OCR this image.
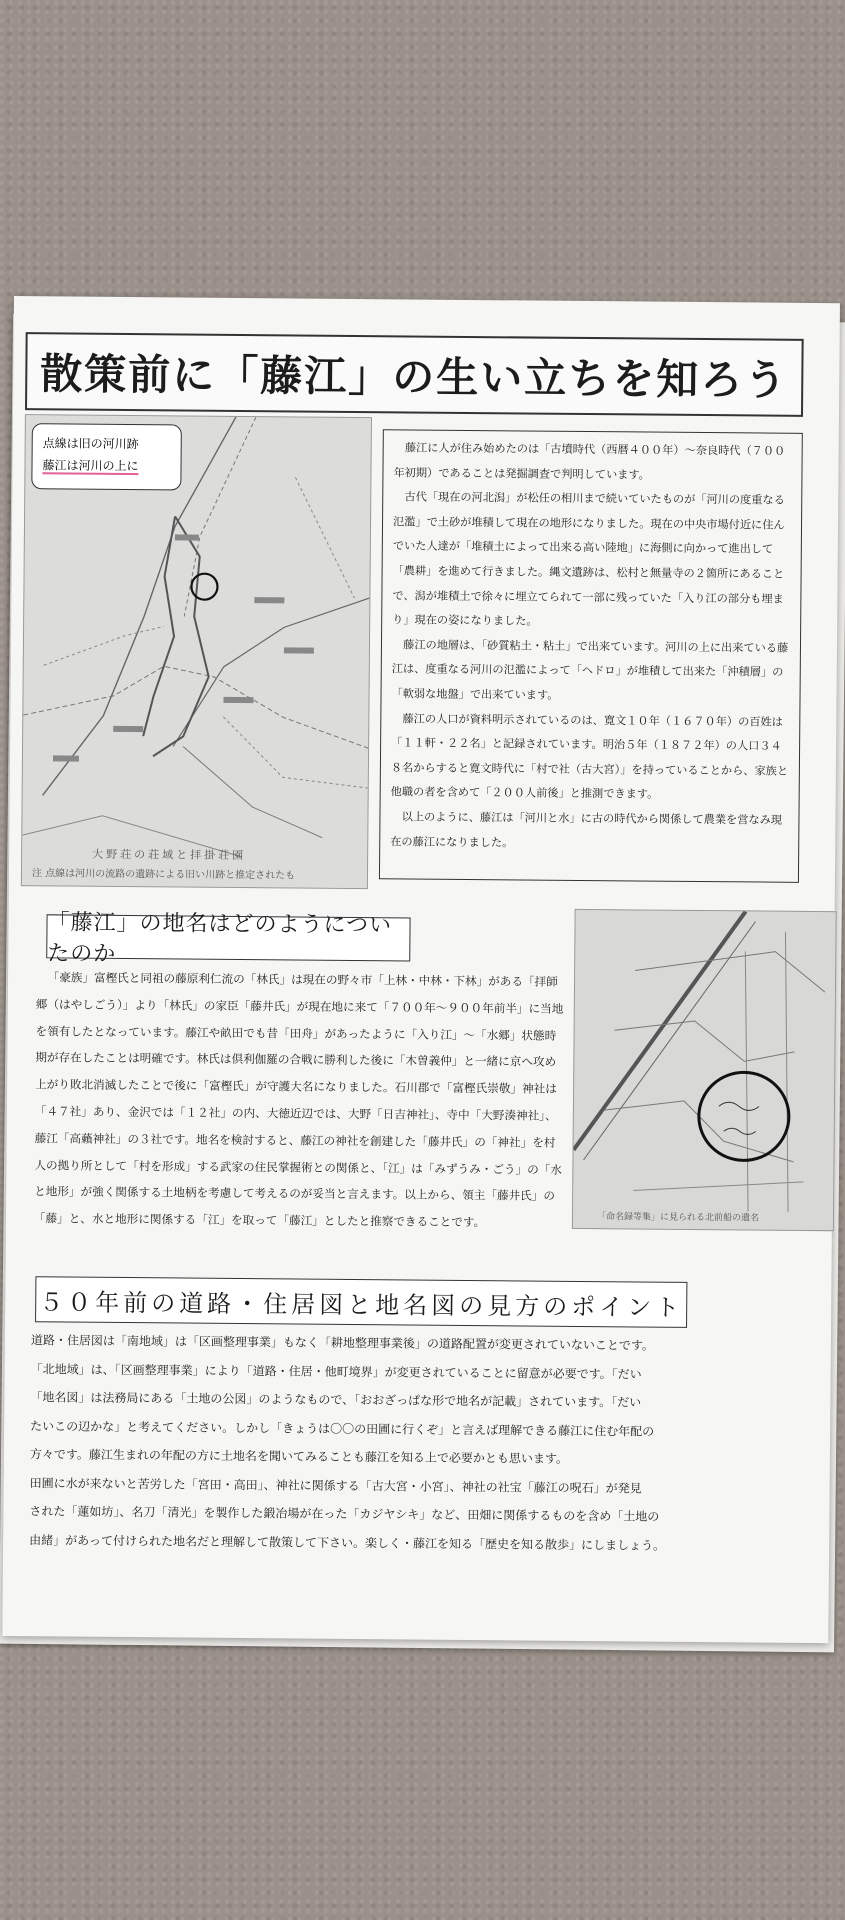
散策前に「藤江」の生い立ちを知ろう
点線は旧の河川跡
藤江は河川の上に
大野荘の荘域と拝掛荘園
注 点線は河川の流路の遺跡による旧い川跡と推定されたも

藤江に人が住み始めたのは「古墳時代（西暦４００年）～奈良時代（７００年初期）であることは発掘調査で判明しています。

古代「現在の河北潟」が松任の相川まで続いていたものが「河川の度重なる氾濫」で土砂が堆積して現在の地形になりました。現在の中央市場付近に住んでいた人達が「堆積土によって出来る高い陸地」に海側に向かって進出して「農耕」を進めて行きました。縄文遺跡は、松村と無量寺の２箇所にあることで、潟が堆積土で徐々に埋立てられて一部に残っていた「入り江の部分も埋まり」現在の姿になりました。

藤江の地層は、「砂質粘土・粘土」で出来ています。河川の上に出来ている藤江は、度重なる河川の氾濫によって「ヘドロ」が堆積して出来た「沖積層」の「軟弱な地盤」で出来ています。

藤江の人口が資料明示されているのは、寛文１０年（１６７０年）の百姓は「１１軒・２２名」と記録されています。明治５年（１８７２年）の人口３４８名からすると寛文時代に「村で社（古大宮）」を持っていることから、家族と他職の者を含めて「２００人前後」と推測できます。

以上のように、藤江は「河川と水」に古の時代から関係して農業を営なみ現在の藤江になりました。

「藤江」の地名はどのようについたのか

「豪族」富樫氏と同祖の藤原利仁流の「林氏」は現在の野々市「上林・中林・下林」がある「拝師郷（はやしごう）」より「林氏」の家臣「藤井氏」が現在地に来て「７００年～９００年前半」に当地を領有したとなっています。藤江や畝田でも昔「田舟」があったように「入り江」～「水郷」状態時期が存在したことは明確です。林氏は倶利伽羅の合戦に勝利した後に「木曽義仲」と一緒に京へ攻め上がり敗北消滅したことで後に「富樫氏」が守護大名になりました。石川郡で「富樫氏崇敬」神社は「４７社」あり、金沢では「１２社」の内、大徳近辺では、大野「日吉神社」、寺中「大野湊神社」、藤江「高藾神社」の３社です。地名を検討すると、藤江の神社を創建した「藤井氏」の「神社」を村人の拠り所として「村を形成」する武家の住民掌握術との関係と、「江」は「みずうみ・ごう」の「水と地形」が強く関係する土地柄を考慮して考えるのが妥当と言えます。以上から、領主「藤井氏」の「藤」と、水と地形に関係する「江」を取って「藤江」としたと推察できることです。	「命名録等集」に見られる北前船の遺名
５０年前の道路・住居図と地名図の見方のポイント
道路・住居図は「南地域」は「区画整理事業」もなく「耕地整理事業後」の道路配置が変更されていないことです。
「北地域」は、「区画整理事業」により「道路・住居・他町境界」が変更されていることに留意が必要です。「だい
「地名図」は法務局にある「土地の公図」のようなもので、「おおざっぱな形で地名が記載」されています。「だい
たいこの辺かな」と考えてください。しかし「きょうは〇〇の田圃に行くぞ」と言えば理解できる藤江に住む年配の
方々です。藤江生まれの年配の方に土地名を聞いてみることも藤江を知る上で必要かとも思います。
田圃に水が来ないと苦労した「宮田・高田」、神社に関係する「古大宮・小宮」、神社の社宝「藤江の呪石」が発見
された「蓮如坊」、名刀「清光」を製作した鍛冶場が在った「カジヤシキ」など、田畑に関係するものを含め「土地の
由緒」があって付けられた地名だと理解して散策して下さい。楽しく・藤江を知る「歴史を知る散歩」にしましょう。
